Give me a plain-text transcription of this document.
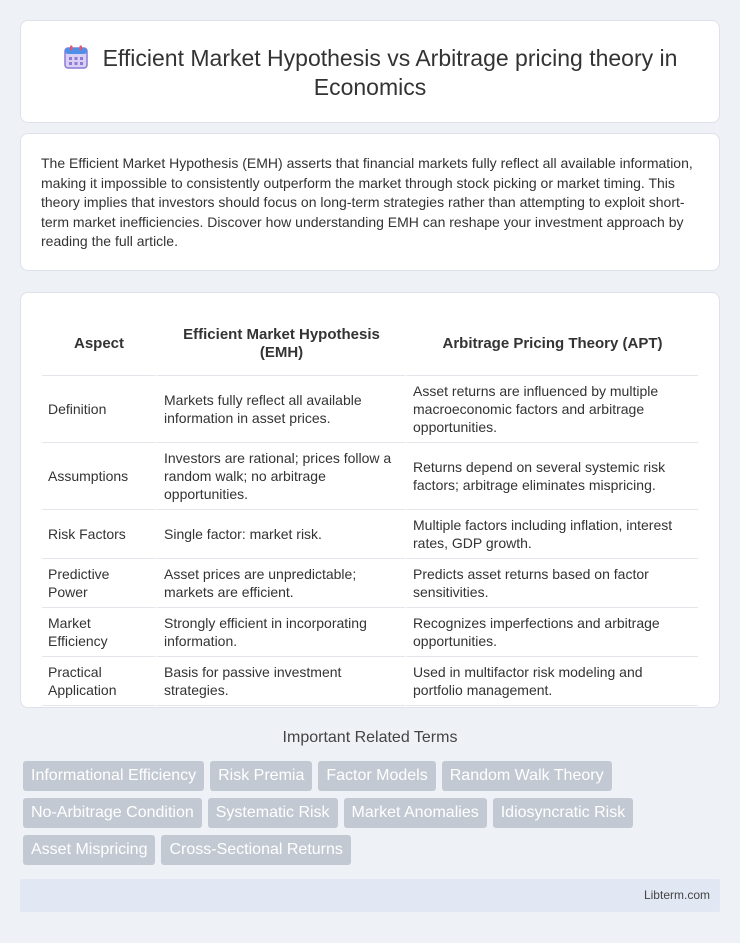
Efficient Market Hypothesis vs Arbitrage pricing theory in Economics

The Efficient Market Hypothesis (EMH) asserts that financial markets fully reflect all available information, making it impossible to consistently outperform the market through stock picking or market timing. This theory implies that investors should focus on long-term strategies rather than attempting to exploit short-term market inefficiencies. Discover how understanding EMH can reshape your investment approach by reading the full article.

Aspect	Efficient Market Hypothesis (EMH)	Arbitrage Pricing Theory (APT)
Definition	Markets fully reflect all available information in asset prices.	Asset returns are influenced by multiple macroeconomic factors and arbitrage opportunities.
Assumptions	Investors are rational; prices follow a random walk; no arbitrage opportunities.	Returns depend on several systemic risk factors; arbitrage eliminates mispricing.
Risk Factors	Single factor: market risk.	Multiple factors including inflation, interest rates, GDP growth.
Predictive Power	Asset prices are unpredictable; markets are efficient.	Predicts asset returns based on factor sensitivities.
Market Efficiency	Strongly efficient in incorporating information.	Recognizes imperfections and arbitrage opportunities.
Practical Application	Basis for passive investment strategies.	Used in multifactor risk modeling and portfolio management.
Important Related Terms
Informational Efficiency	Risk Premia	Factor Models	Random Walk Theory
No-Arbitrage Condition	Systematic Risk	Market Anomalies	Idiosyncratic Risk
Asset Mispricing	Cross-Sectional Returns
Libterm.com
